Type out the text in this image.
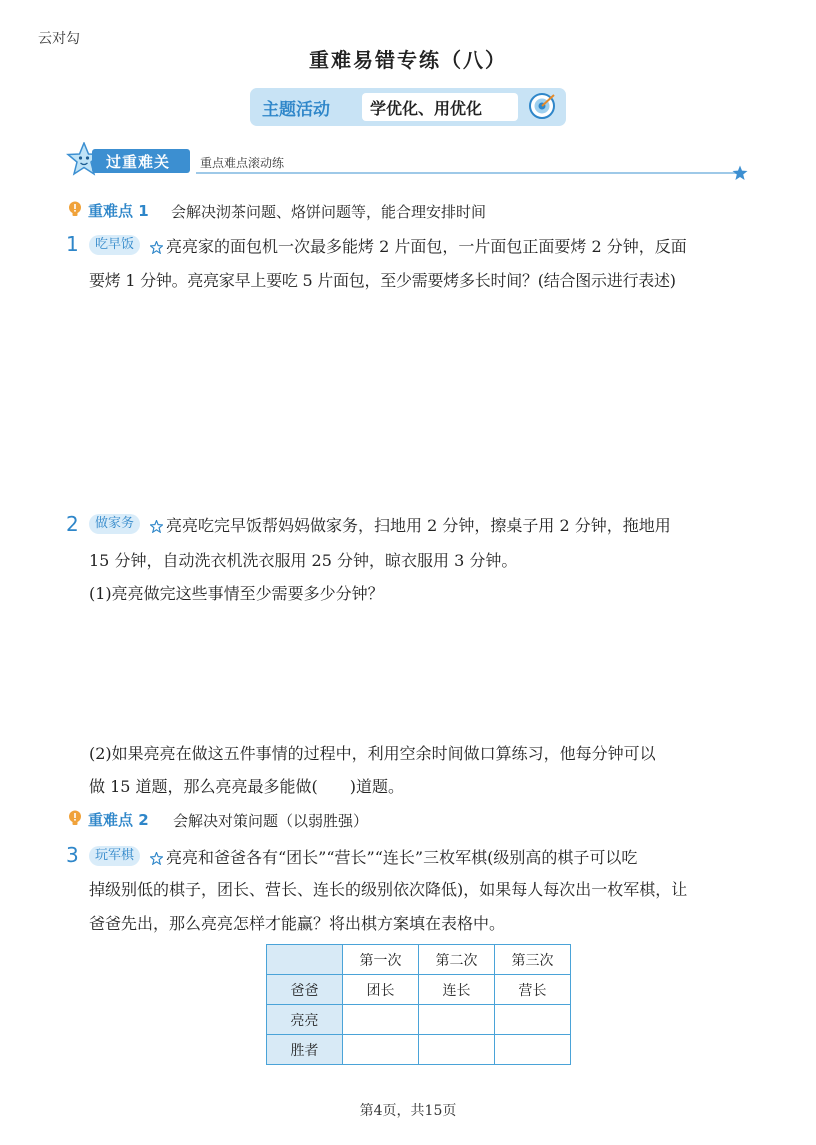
云对勾
重难易错专练（八）
主题活动	学优化、用优化
过重难关 重点难点滚动练
重难点 1 会解决沏茶问题、烙饼问题等，能合理安排时间
1	吃早饭	亮亮家的面包机一次最多能烤 2 片面包，一片面包正面要烤 2 分钟，反面
要烤 1 分钟。亮亮家早上要吃 5 片面包，至少需要烤多长时间？(结合图示进行表述)
2	做家务	亮亮吃完早饭帮妈妈做家务，扫地用 2 分钟，擦桌子用 2 分钟，拖地用
15 分钟，自动洗衣机洗衣服用 25 分钟，晾衣服用 3 分钟。
(1)亮亮做完这些事情至少需要多少分钟？
(2)如果亮亮在做这五件事情的过程中，利用空余时间做口算练习，他每分钟可以
做 15 道题，那么亮亮最多能做(　　)道题。
重难点 2 会解决对策问题（以弱胜强）
3	玩军棋	亮亮和爸爸各有“团长”“营长”“连长”三枚军棋(级别高的棋子可以吃
掉级别低的棋子，团长、营长、连长的级别依次降低)，如果每人每次出一枚军棋，让
爸爸先出，那么亮亮怎样才能赢？将出棋方案填在表格中。
	第一次	第二次	第三次
爸爸	团长	连长	营长
亮亮			
胜者			
第4页，共15页
